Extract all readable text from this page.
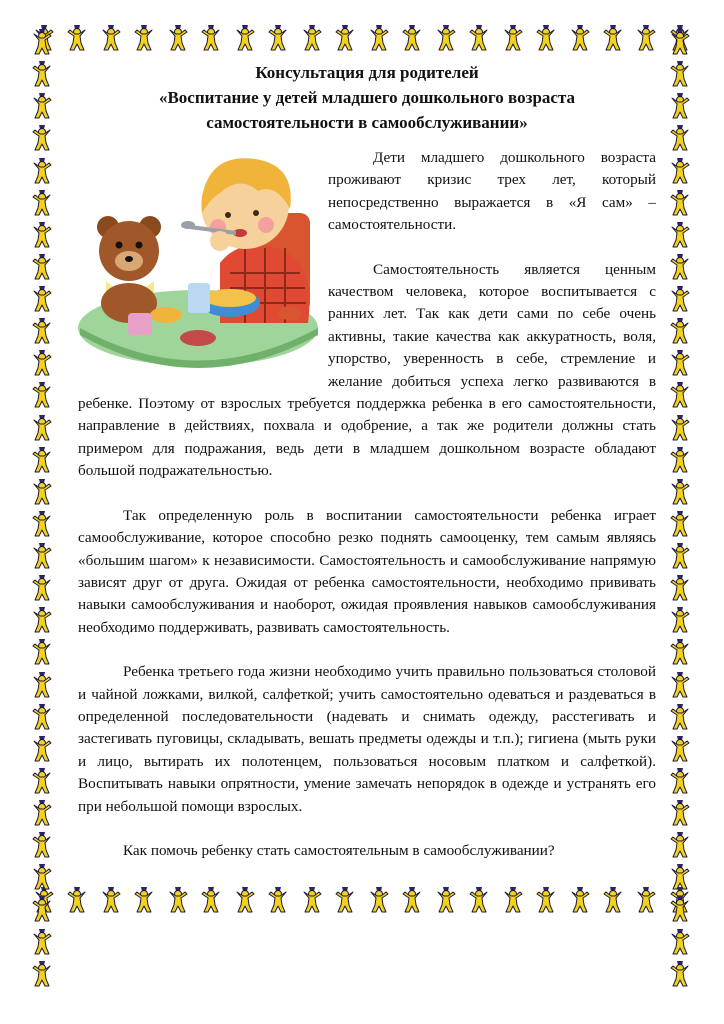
Консультация для родителей

«Воспитание у детей младшего дошкольного возраста

самостоятельности в самообслуживании»

Дети младшего дошкольного возраста проживают кризис трех лет, который непосредственно выражается в «Я сам» – самостоятельности.

Самостоятельность является ценным качеством человека, которое воспитывается с ранних лет. Так как дети сами по себе очень активны, такие качества как аккуратность, воля, упорство, уверенность в себе, стремление и желание добиться успеха легко развиваются в ребенке. Поэтому от взрослых требуется поддержка ребенка в его самостоятельности, направление в действиях, похвала и одобрение, а так же родители должны стать примером для подражания, ведь дети в младшем дошкольном возрасте обладают большой подражательностью.

Так определенную роль в воспитании самостоятельности ребенка играет самообслуживание, которое способно резко поднять самооценку, тем самым являясь «большим шагом» к независимости. Самостоятельность и самообслуживание напрямую зависят друг от друга. Ожидая от ребенка самостоятельности, необходимо прививать навыки самообслуживания и наоборот, ожидая проявления навыков самообслуживания необходимо поддерживать, развивать самостоятельность.

Ребенка третьего года жизни необходимо учить правильно пользоваться столовой и чайной ложками, вилкой, салфеткой; учить самостоятельно одеваться и раздеваться в определенной последовательности (надевать и снимать одежду, расстегивать и застегивать пуговицы, складывать, вешать предметы одежды и т.п.); гигиена (мыть руки и лицо, вытирать их полотенцем, пользоваться носовым платком и салфеткой). Воспитывать навыки опрятности, умение замечать непорядок в одежде и устранять его при небольшой помощи взрослых.

Как помочь ребенку стать самостоятельным в самообслуживании?
